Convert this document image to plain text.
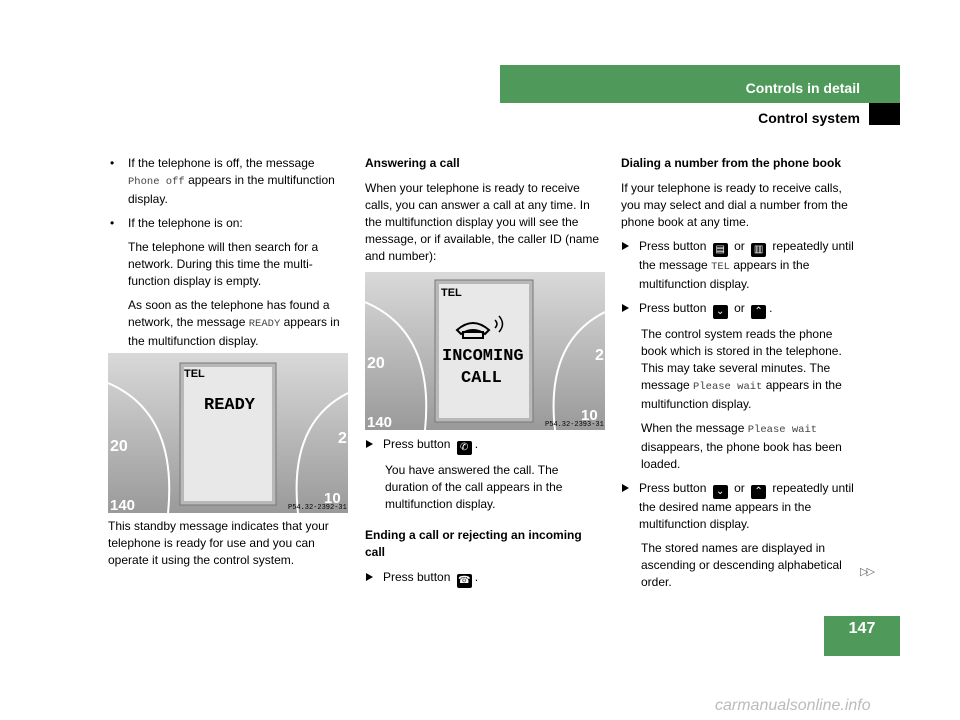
Controls in detail
Control system

• If the telephone is off, the message
Phone off appears in the multifunction display.

• If the telephone is on:

The telephone will then search for a network. During this time the multi-function display is empty.

As soon as the telephone has found a network, the message READY appears in the multifunction display.

TEL
READY
20
140
2
10
P54.32-2392-31

This standby message indicates that your telephone is ready for use and you can operate it using the control system.

Answering a call

When your telephone is ready to receive calls, you can answer a call at any time. In the multifunction display you will see the message, or if available, the caller ID (name and number):

TEL
INCOMING
CALL
20
140
2
10
P54.32-2393-31

Press button ✆ .

You have answered the call. The duration of the call appears in the multifunction display.

Ending a call or rejecting an incoming call

Press button ☎ .

Dialing a number from the phone book

If your telephone is ready to receive calls, you may select and dial a number from the phone book at any time.

Press button ▤ or ▥ repeatedly until the message TEL appears in the multifunction display.

Press button ⌄ or ⌃ .

The control system reads the phone book which is stored in the telephone. This may take several minutes. The message Please wait appears in the multifunction display.

When the message Please wait disappears, the phone book has been loaded.

Press button ⌄ or ⌃ repeatedly until the desired name appears in the multifunction display.

The stored names are displayed in ascending or descending alphabetical order.

▷▷
147
carmanualsonline.info
